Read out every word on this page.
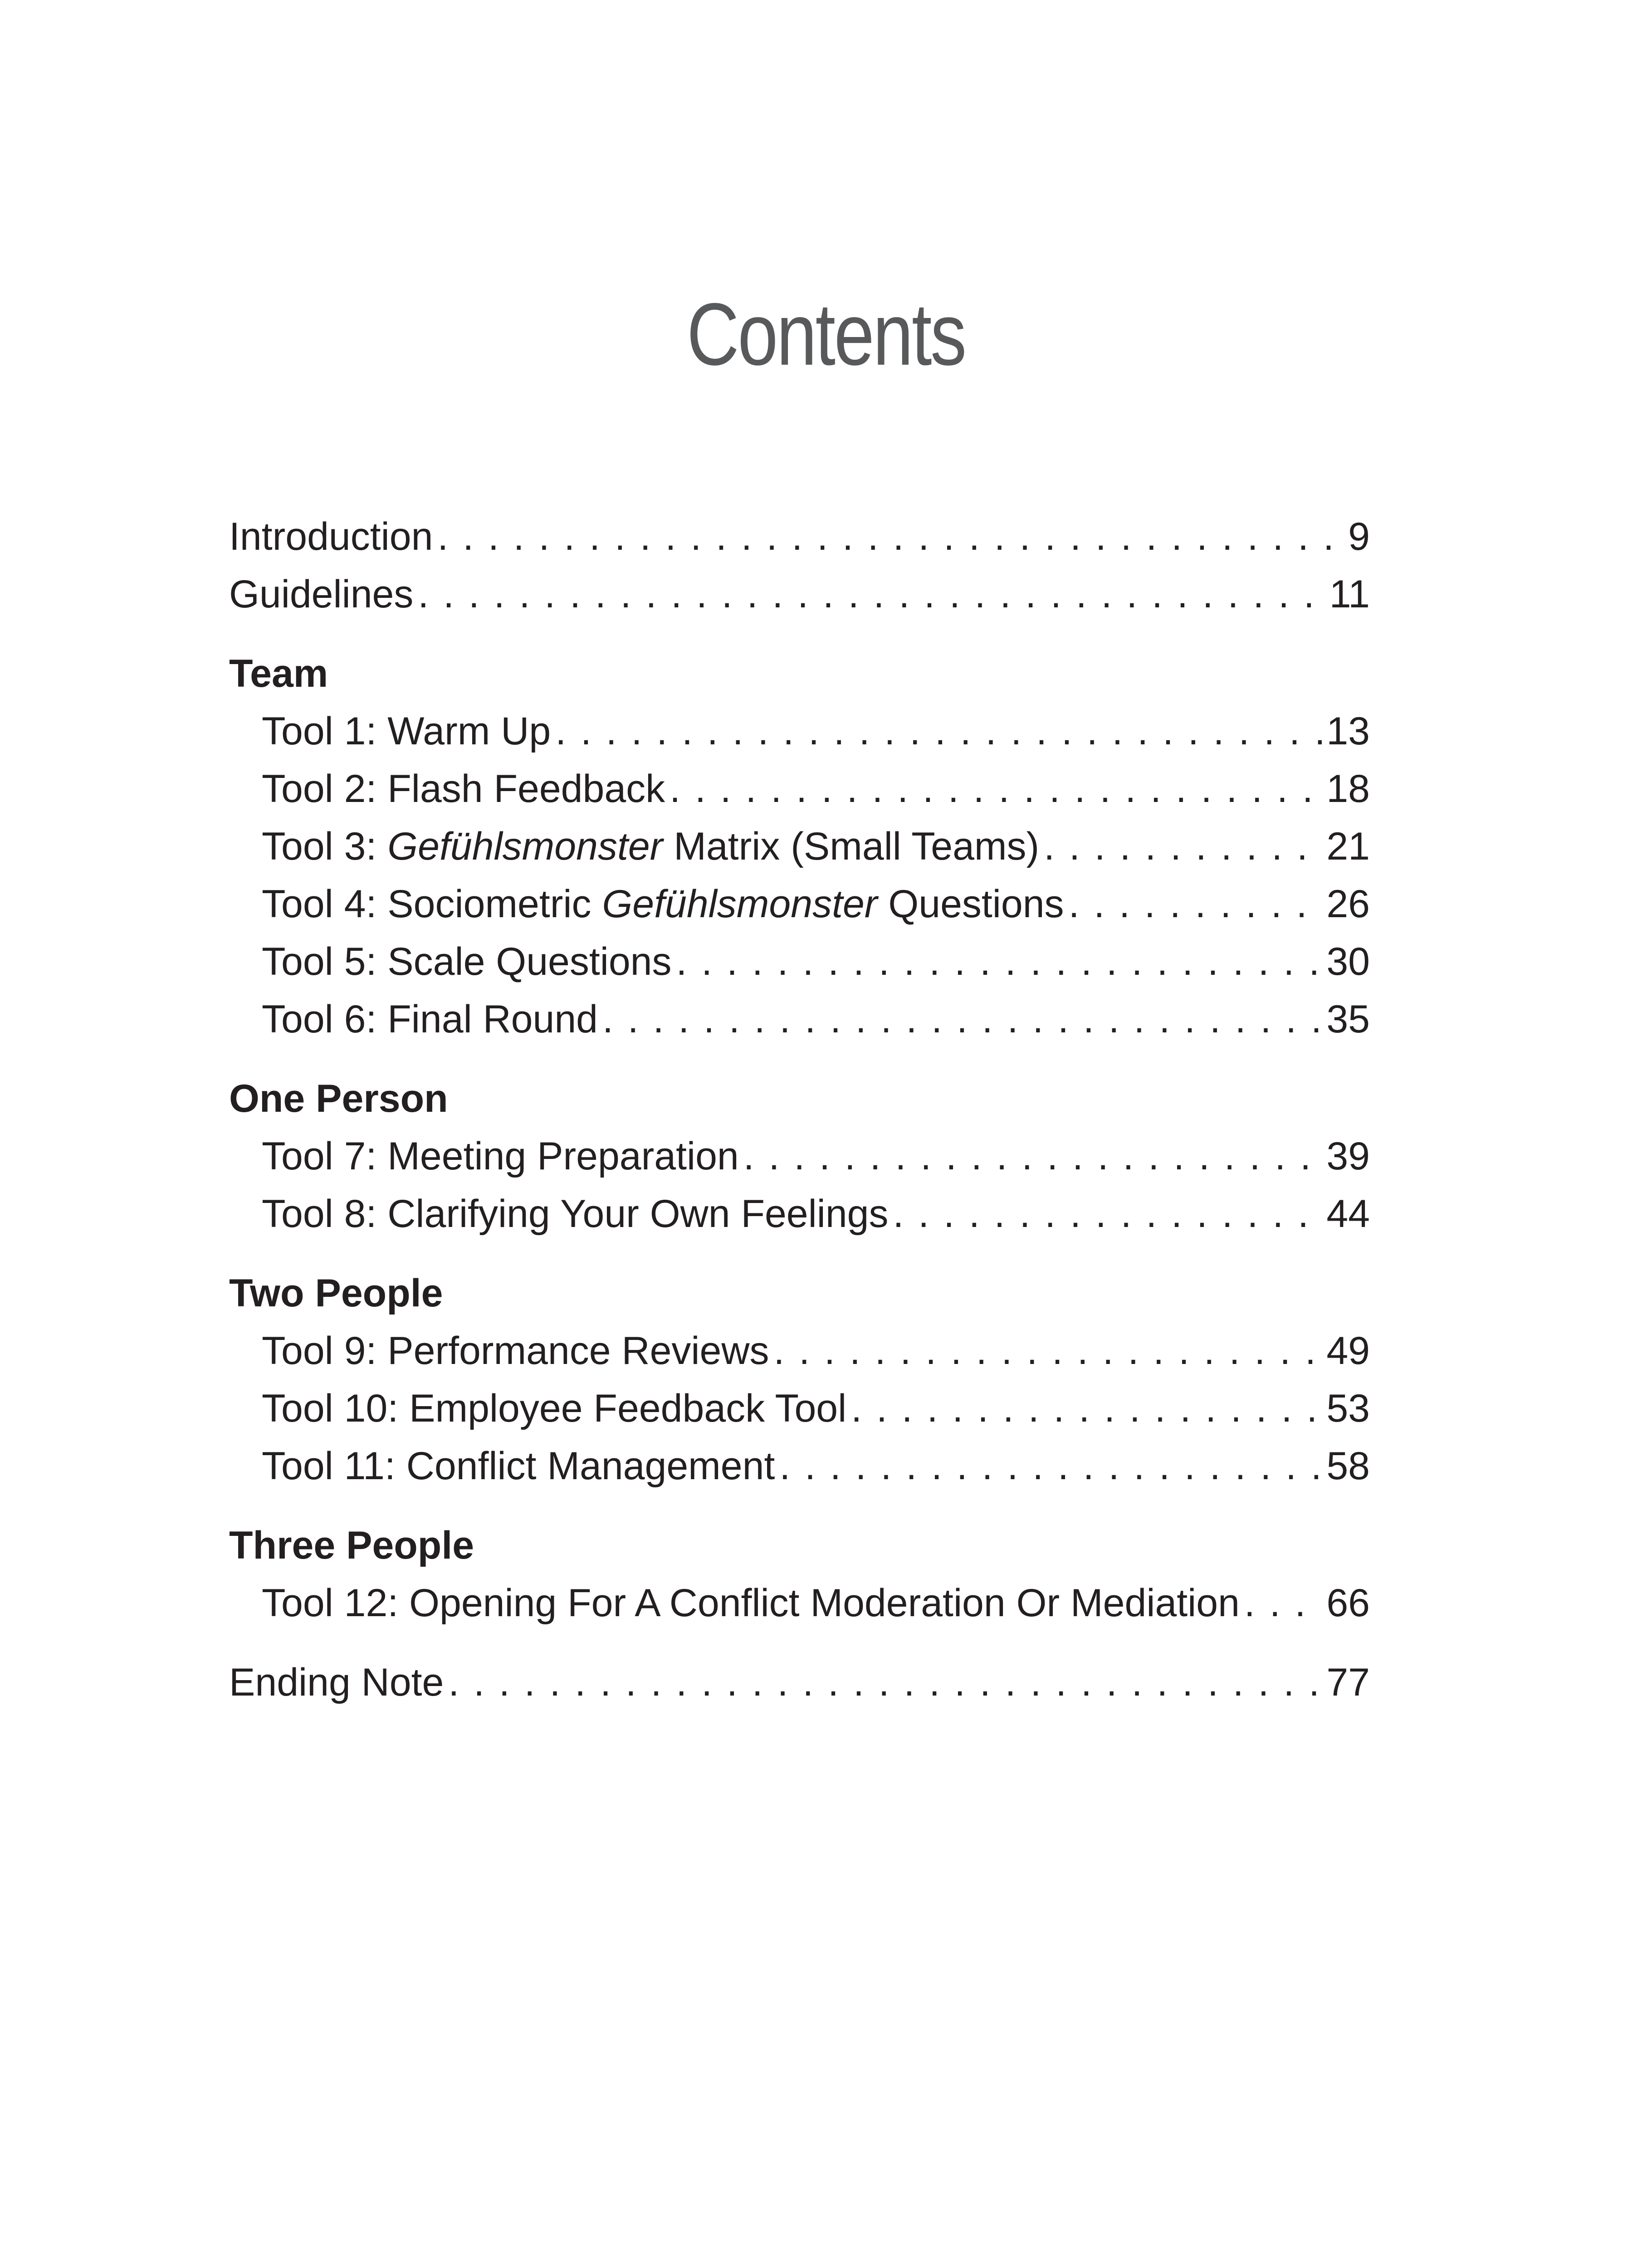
Contents
Introduction . . .	9
Guidelines . . .	11
Team
Tool 1: Warm Up . . .	13
Tool 2: Flash Feedback . . .	18
Tool 3: Gefühlsmonster Matrix (Small Teams) . . .	21
Tool 4: Sociometric Gefühlsmonster Questions . . .	26
Tool 5: Scale Questions . . .	30
Tool 6: Final Round . . .	35
One Person
Tool 7: Meeting Preparation . . .	39
Tool 8: Clarifying Your Own Feelings . . .	44
Two People
Tool 9: Performance Reviews . . .	49
Tool 10: Employee Feedback Tool . . .	53
Tool 11: Conflict Management . . .	58
Three People
Tool 12: Opening For A Conflict Moderation Or Mediation . . . 66
Ending Note . . .	77
